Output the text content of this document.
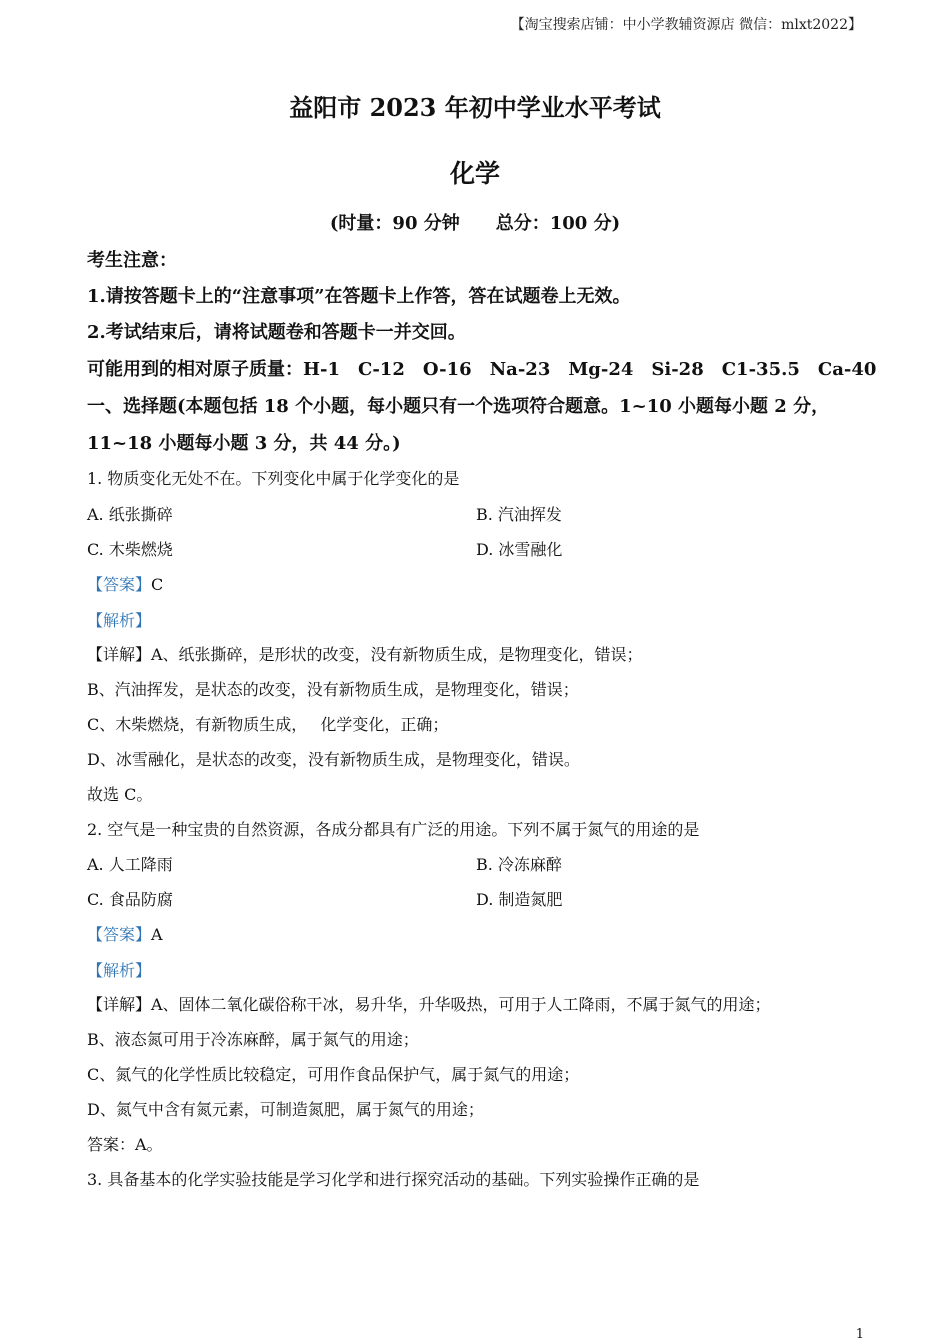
【淘宝搜索店铺：中小学教辅资源店 微信：mlxt2022】
益阳市 2023 年初中学业水平考试
化学
(时量：90 分钟　　总分：100 分)
考生注意：
1.请按答题卡上的“注意事项”在答题卡上作答，答在试题卷上无效。
2.考试结束后，请将试题卷和答题卡一并交回。
可能用到的相对原子质量：H-1　C-12　O-16　Na-23　Mg-24　Si-28　C1-35.5　Ca-40
一、选择题(本题包括 18 个小题，每小题只有一个选项符合题意。1~10 小题每小题 2 分，
11~18 小题每小题 3 分，共 44 分。)
1. 物质变化无处不在。下列变化中属于化学变化的是
A. 纸张撕碎	B. 汽油挥发
C. 木柴燃烧	D. 冰雪融化
【答案】C
【解析】
【详解】A、纸张撕碎，是形状的改变，没有新物质生成，是物理变化，错误；
B、汽油挥发，是状态的改变，没有新物质生成，是物理变化，错误；
C、木柴燃烧，有新物质生成，　 化学变化，正确；
D、冰雪融化，是状态的改变，没有新物质生成，是物理变化，错误。
故选 C。
2. 空气是一种宝贵的自然资源，各成分都具有广泛的用途。下列不属于氮气的用途的是
A. 人工降雨	B. 冷冻麻醉
C. 食品防腐	D. 制造氮肥
【答案】A
【解析】
【详解】A、固体二氧化碳俗称干冰，易升华，升华吸热，可用于人工降雨，不属于氮气的用途；
B、液态氮可用于冷冻麻醉，属于氮气的用途；
C、氮气的化学性质比较稳定，可用作食品保护气，属于氮气的用途；
D、氮气中含有氮元素，可制造氮肥，属于氮气的用途；
答案：A。
3. 具备基本的化学实验技能是学习化学和进行探究活动的基础。下列实验操作正确的是
1
